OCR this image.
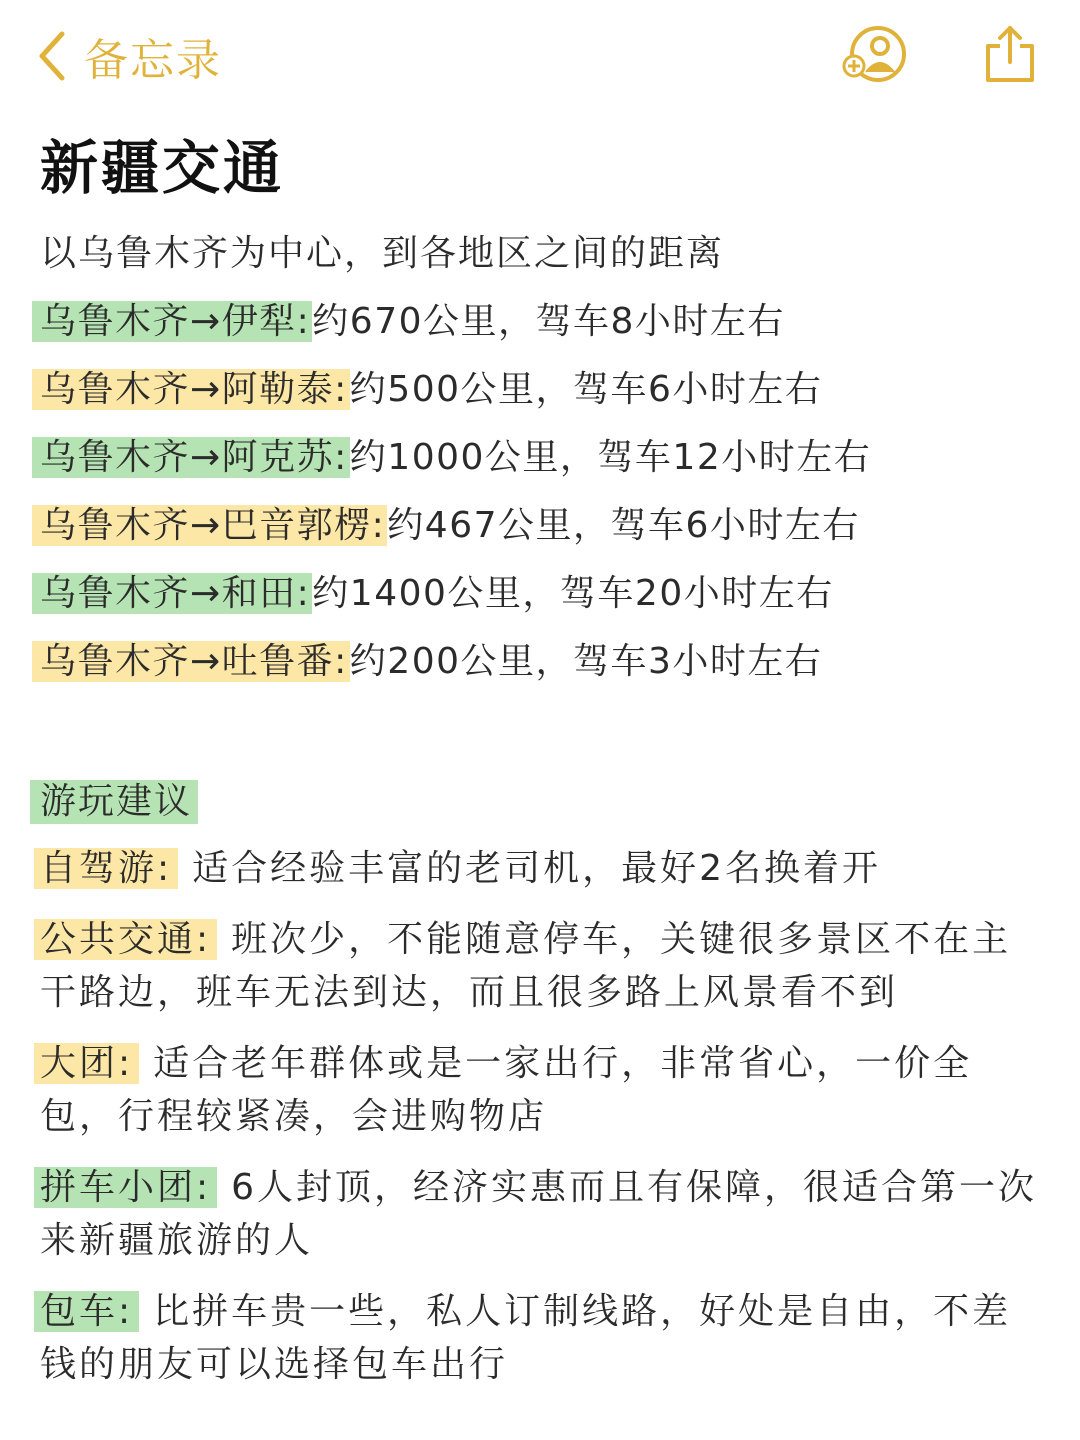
备忘录
新疆交通
以乌鲁木齐为中心，到各地区之间的距离
乌鲁木齐→伊犁:约670公里，驾车8小时左右
乌鲁木齐→阿勒泰:约500公里，驾车6小时左右
乌鲁木齐→阿克苏:约1000公里，驾车12小时左右
乌鲁木齐→巴音郭楞:约467公里，驾车6小时左右
乌鲁木齐→和田:约1400公里，驾车20小时左右
乌鲁木齐→吐鲁番:约200公里，驾车3小时左右
游玩建议
自驾游: 适合经验丰富的老司机，最好2名换着开
公共交通: 班次少，不能随意停车，关键很多景区不在主干路边，班车无法到达，而且很多路上风景看不到
大团: 适合老年群体或是一家出行，非常省心，一价全包，行程较紧凑，会进购物店
拼车小团: 6人封顶，经济实惠而且有保障，很适合第一次来新疆旅游的人
包车: 比拼车贵一些，私人订制线路，好处是自由，不差钱的朋友可以选择包车出行
